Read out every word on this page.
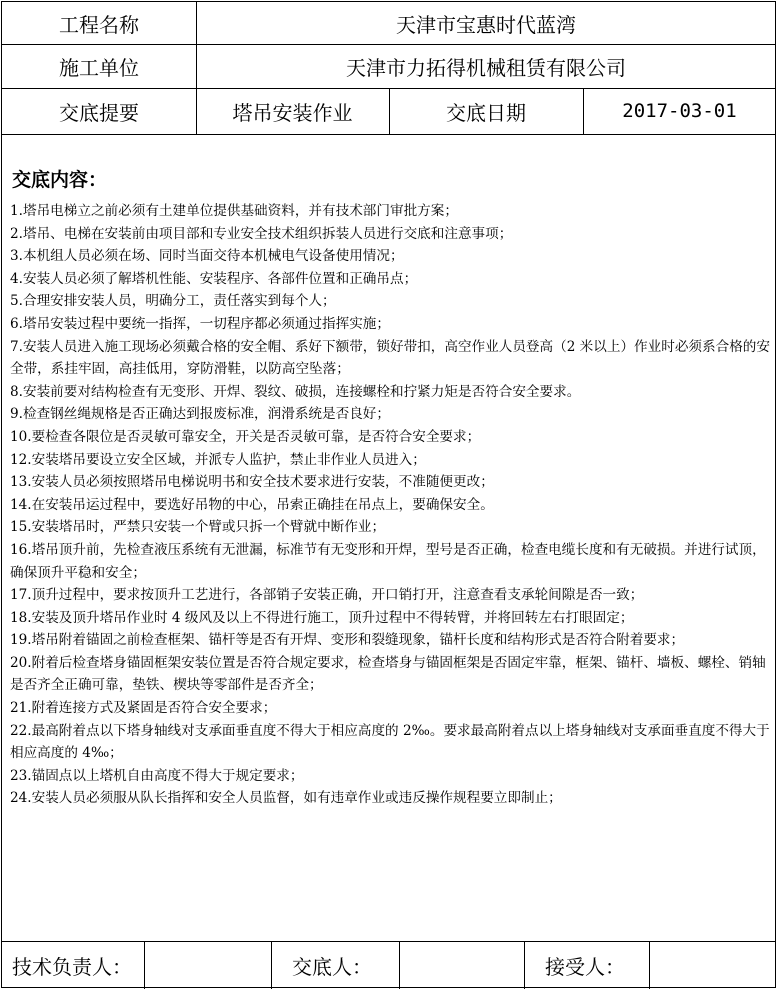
工程名称	天津市宝惠时代蓝湾
施工单位	天津市力拓得机械租赁有限公司
交底提要	塔吊安装作业	交底日期	2017-03-01
交底内容：
1.塔吊电梯立之前必须有土建单位提供基础资料，并有技术部门审批方案；
2.塔吊、电梯在安装前由项目部和专业安全技术组织拆装人员进行交底和注意事项；
3.本机组人员必须在场、同时当面交待本机械电气设备使用情况；
4.安装人员必须了解塔机性能、安装程序、各部件位置和正确吊点；
5.合理安排安装人员，明确分工，责任落实到每个人；
6.塔吊安装过程中要统一指挥，一切程序都必须通过指挥实施；
7.安装人员进入施工现场必须戴合格的安全帽、系好下额带，锁好带扣，高空作业人员登高（2 米以上）作业时必须系合格的安全带，系挂牢固，高挂低用，穿防滑鞋，以防高空坠落；
8.安装前要对结构检查有无变形、开焊、裂纹、破损，连接螺栓和拧紧力矩是否符合安全要求。
9.检查钢丝绳规格是否正确达到报废标准，润滑系统是否良好；
10.要检查各限位是否灵敏可靠安全，开关是否灵敏可靠，是否符合安全要求；
12.安装塔吊要设立安全区域，并派专人监护，禁止非作业人员进入；
13.安装人员必须按照塔吊电梯说明书和安全技术要求进行安装，不准随便更改；
14.在安装吊运过程中，要选好吊物的中心，吊索正确挂在吊点上，要确保安全。
15.安装塔吊时，严禁只安装一个臂或只拆一个臂就中断作业；
16.塔吊顶升前，先检查液压系统有无泄漏，标准节有无变形和开焊，型号是否正确，检查电缆长度和有无破损。并进行试顶，确保顶升平稳和安全；
17.顶升过程中，要求按顶升工艺进行，各部销子安装正确，开口销打开，注意查看支承轮间隙是否一致；
18.安装及顶升塔吊作业时 4 级风及以上不得进行施工，顶升过程中不得转臂，并将回转左右打眼固定；
19.塔吊附着锚固之前检查框架、锚杆等是否有开焊、变形和裂缝现象，锚杆长度和结构形式是否符合附着要求；
20.附着后检查塔身锚固框架安装位置是否符合规定要求，检查塔身与锚固框架是否固定牢靠，框架、锚杆、墙板、螺栓、销轴是否齐全正确可靠，垫铁、楔块等零部件是否齐全；
21.附着连接方式及紧固是否符合安全要求；
22.最高附着点以下塔身轴线对支承面垂直度不得大于相应高度的 2‰。要求最高附着点以上塔身轴线对支承面垂直度不得大于相应高度的 4‰；
23.锚固点以上塔机自由高度不得大于规定要求；
24.安装人员必须服从队长指挥和安全人员监督，如有违章作业或违反操作规程要立即制止；
技术负责人：	交底人：	接受人：
